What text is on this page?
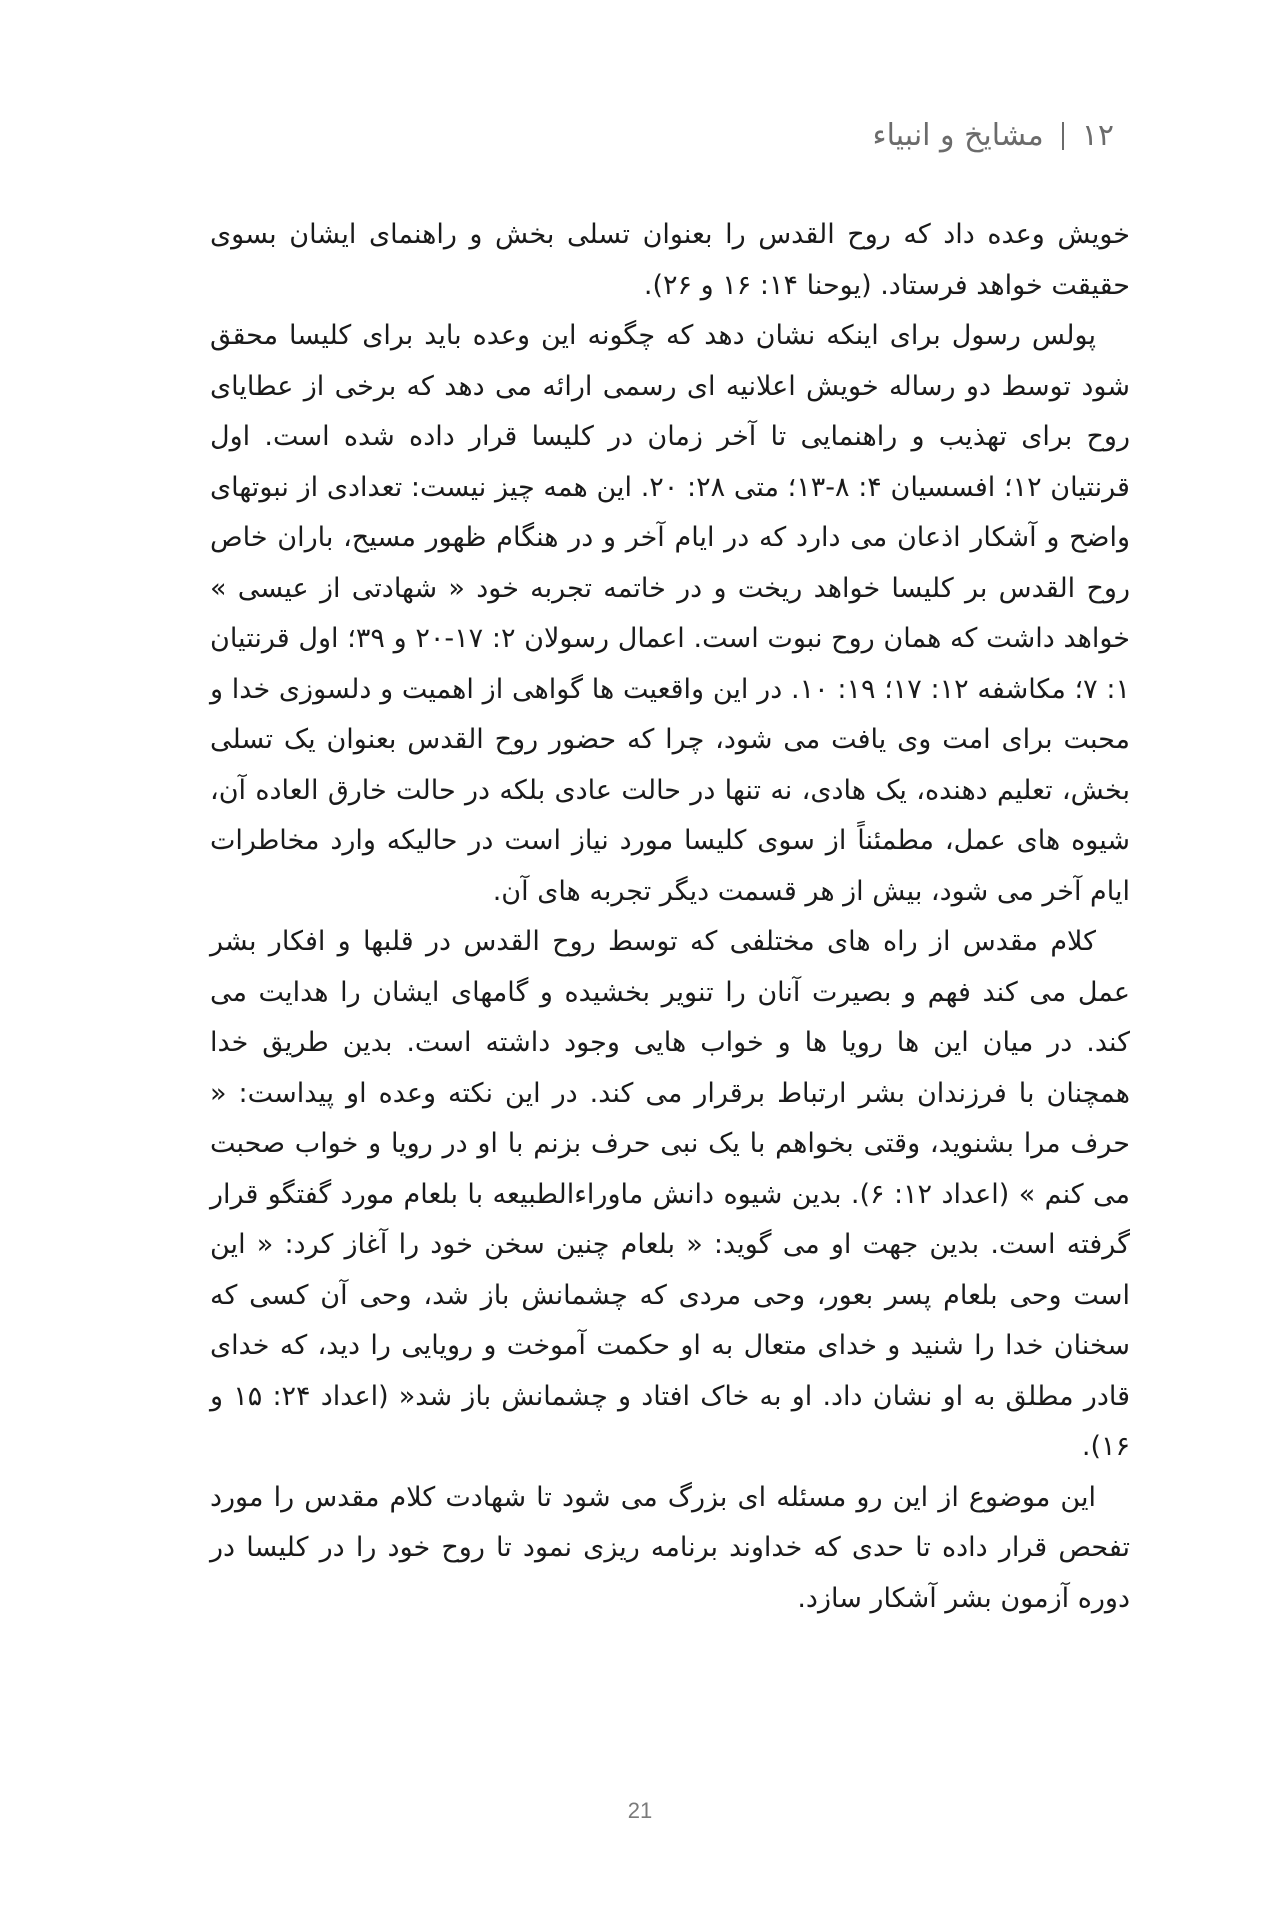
۱۲
مشایخ و انبیاء

خویش وعده داد که روح القدس را بعنوان تسلی بخش و راهنمای ایشان بسوی حقیقت خواهد فرستاد. (یوحنا ۱۴: ۱۶ و ۲۶).

پولس رسول برای اینکه نشان دهد که چگونه این وعده باید برای کلیسا محقق شود توسط دو رساله خویش اعلانیه ای رسمی ارائه می دهد که برخی از عطایای روح برای تهذیب و راهنمایی تا آخر زمان در کلیسا قرار داده شده است. اول قرنتیان ۱۲؛ افسسیان ۴: ۸-۱۳؛ متی ۲۸: ۲۰. این همه چیز نیست: تعدادی از نبوتهای واضح و آشکار اذعان می دارد که در ایام آخر و در هنگام ظهور مسیح، باران خاص روح القدس بر کلیسا خواهد ریخت و در خاتمه تجربه خود « شهادتی از عیسی » خواهد داشت که همان روح نبوت است. اعمال رسولان ۲: ۱۷-۲۰ و ۳۹؛ اول قرنتیان ۱: ۷؛ مکاشفه ۱۲: ۱۷؛ ۱۹: ۱۰. در این واقعیت ها گواهی از اهمیت و دلسوزی خدا و محبت برای امت وی یافت می شود، چرا که حضور روح القدس بعنوان یک تسلی بخش، تعلیم دهنده، یک هادی، نه تنها در حالت عادی بلکه در حالت خارق العاده آن، شیوه های عمل، مطمئناً از سوی کلیسا مورد نیاز است در حالیکه وارد مخاطرات ایام آخر می شود، بیش از هر قسمت دیگر تجربه های آن.

کلام مقدس از راه های مختلفی که توسط روح القدس در قلبها و افکار بشر عمل می کند فهم و بصیرت آنان را تنویر بخشیده و گامهای ایشان را هدایت می کند. در میان این ها رویا ها و خواب هایی وجود داشته است. بدین طریق خدا همچنان با فرزندان بشر ارتباط برقرار می کند. در این نکته وعده او پیداست: « حرف مرا بشنوید، وقتی بخواهم با یک نبی حرف بزنم با او در رویا و خواب صحبت می کنم » (اعداد ۱۲: ۶). بدین شیوه دانش ماوراءالطبیعه با بلعام مورد گفتگو قرار گرفته است. بدین جهت او می گوید: « بلعام چنین سخن خود را آغاز کرد: « این است وحی بلعام پسر بعور، وحی مردی که چشمانش باز شد، وحی آن کسی که سخنان خدا را شنید و خدای متعال به او حکمت آموخت و رویایی را دید، که خدای قادر مطلق به او نشان داد. او به خاک افتاد و چشمانش باز شد« (اعداد ۲۴: ۱۵ و ۱۶).

این موضوع از این رو مسئله ای بزرگ می شود تا شهادت کلام مقدس را مورد تفحص قرار داده تا حدی که خداوند برنامه ریزی نمود تا روح خود را در کلیسا در دوره آزمون بشر آشکار سازد.

21
